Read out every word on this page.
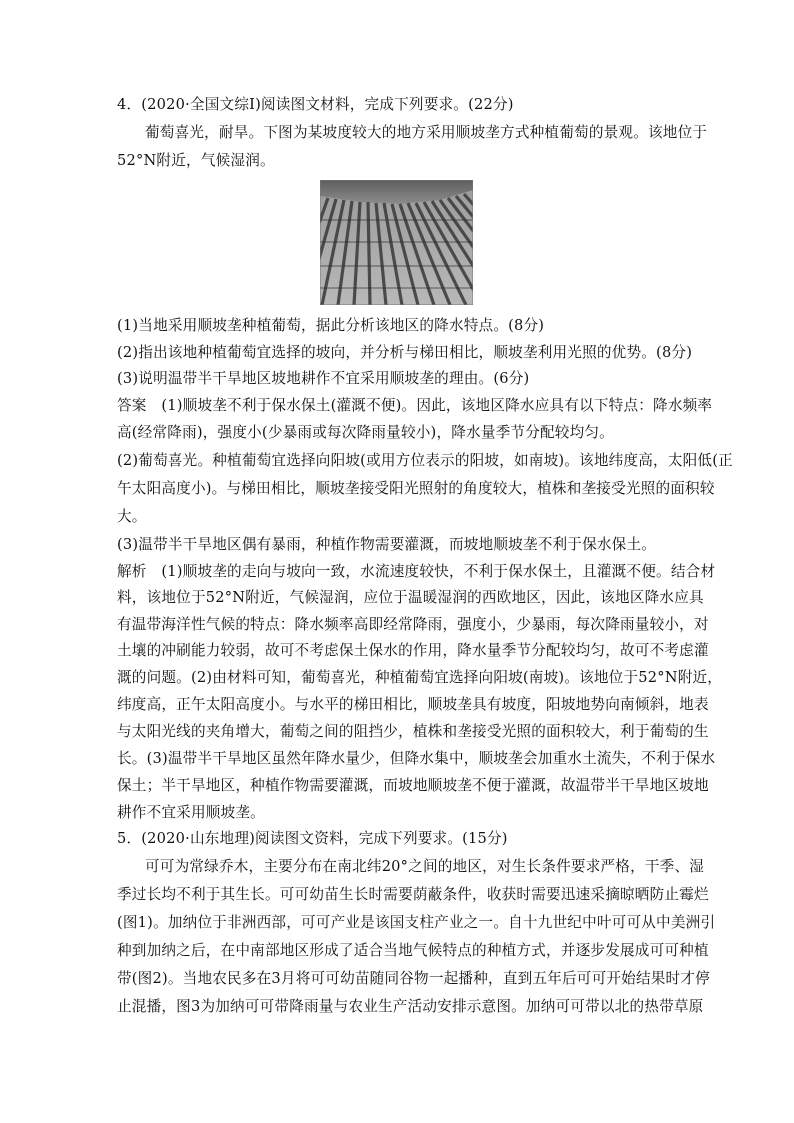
4．(2020·全国文综Ⅰ)阅读图文材料，完成下列要求。(22分)
葡萄喜光，耐旱。下图为某坡度较大的地方采用顺坡垄方式种植葡萄的景观。该地位于
52°N附近，气候湿润。
(1)当地采用顺坡垄种植葡萄，据此分析该地区的降水特点。(8分)
(2)指出该地种植葡萄宜选择的坡向，并分析与梯田相比，顺坡垄利用光照的优势。(8分)
(3)说明温带半干旱地区坡地耕作不宜采用顺坡垄的理由。(6分)
答案　(1)顺坡垄不利于保水保土(灌溉不便)。因此，该地区降水应具有以下特点：降水频率
高(经常降雨)，强度小(少暴雨或每次降雨量较小)，降水量季节分配较均匀。
(2)葡萄喜光。种植葡萄宜选择向阳坡(或用方位表示的阳坡，如南坡)。该地纬度高，太阳低(正
午太阳高度小)。与梯田相比，顺坡垄接受阳光照射的角度较大，植株和垄接受光照的面积较
大。
(3)温带半干旱地区偶有暴雨，种植作物需要灌溉，而坡地顺坡垄不利于保水保土。
解析　(1)顺坡垄的走向与坡向一致，水流速度较快，不利于保水保土，且灌溉不便。结合材
料，该地位于52°N附近，气候湿润，应位于温暖湿润的西欧地区，因此，该地区降水应具
有温带海洋性气候的特点：降水频率高即经常降雨，强度小，少暴雨，每次降雨量较小，对
土壤的冲刷能力较弱，故可不考虑保土保水的作用，降水量季节分配较均匀，故可不考虑灌
溉的问题。(2)由材料可知，葡萄喜光，种植葡萄宜选择向阳坡(南坡)。该地位于52°N附近，
纬度高，正午太阳高度小。与水平的梯田相比，顺坡垄具有坡度，阳坡地势向南倾斜，地表
与太阳光线的夹角增大，葡萄之间的阻挡少，植株和垄接受光照的面积较大，利于葡萄的生
长。(3)温带半干旱地区虽然年降水量少，但降水集中，顺坡垄会加重水土流失，不利于保水
保土；半干旱地区，种植作物需要灌溉，而坡地顺坡垄不便于灌溉，故温带半干旱地区坡地
耕作不宜采用顺坡垄。
5．(2020·山东地理)阅读图文资料，完成下列要求。(15分)
可可为常绿乔木，主要分布在南北纬20°之间的地区，对生长条件要求严格，干季、湿
季过长均不利于其生长。可可幼苗生长时需要荫蔽条件，收获时需要迅速采摘晾晒防止霉烂
(图1)。加纳位于非洲西部，可可产业是该国支柱产业之一。自十九世纪中叶可可从中美洲引
种到加纳之后，在中南部地区形成了适合当地气候特点的种植方式，并逐步发展成可可种植
带(图2)。当地农民多在3月将可可幼苗随同谷物一起播种，直到五年后可可开始结果时才停
止混播，图3为加纳可可带降雨量与农业生产活动安排示意图。加纳可可带以北的热带草原
